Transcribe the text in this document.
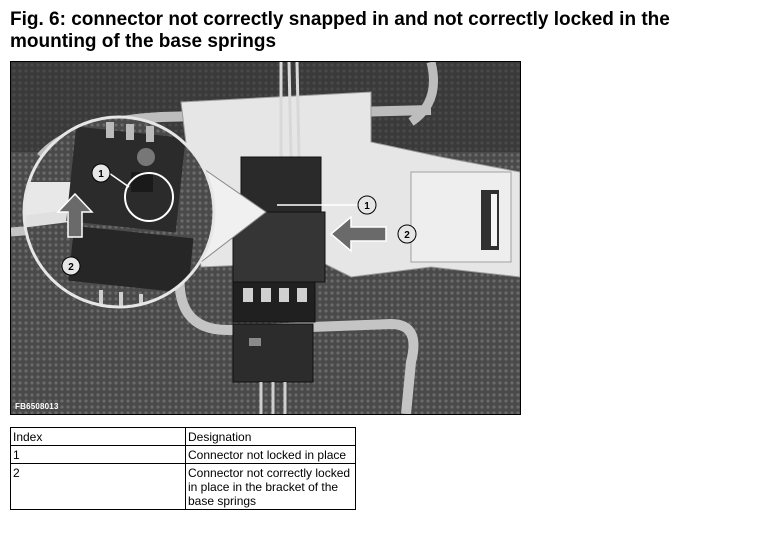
Fig. 6: connector not correctly snapped in and not correctly locked in the mounting of the base springs
1
2
1
2
FB6508013
Index	Designation
1	Connector not locked in place
2	Connector not correctly locked in place in the bracket of the base springs
